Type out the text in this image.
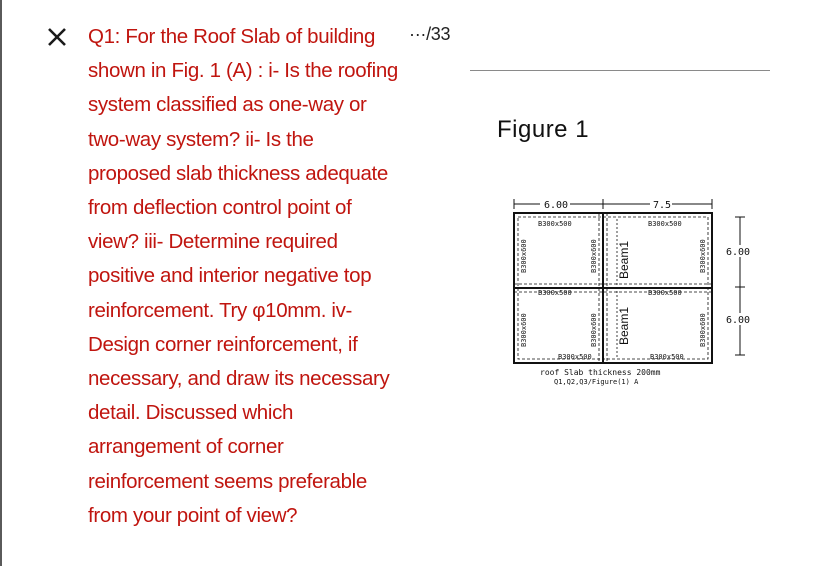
Q1: For the Roof Slab of building
shown in Fig. 1 (A) : i- Is the roofing
system classified as one-way or
two-way system? ii- Is the
proposed slab thickness adequate
from deflection control point of
view? iii- Determine required
positive and interior negative top
reinforcement. Try φ10mm. iv-
Design corner reinforcement, if
necessary, and draw its necessary
detail. Discussed which
arrangement of corner
reinforcement seems preferable
from your point of view?
···/33
Figure 1
6.00	7.5
B300x500	B300x500
B300x500	B300x500
B300x500	B300x500
B300x600
B300x600
B300x600
B300x600
B300x600
B300x600
Beam1
Beam1
6.00
6.00
roof Slab thickness 200mm
Q1,Q2,Q3/Figure(1) A
